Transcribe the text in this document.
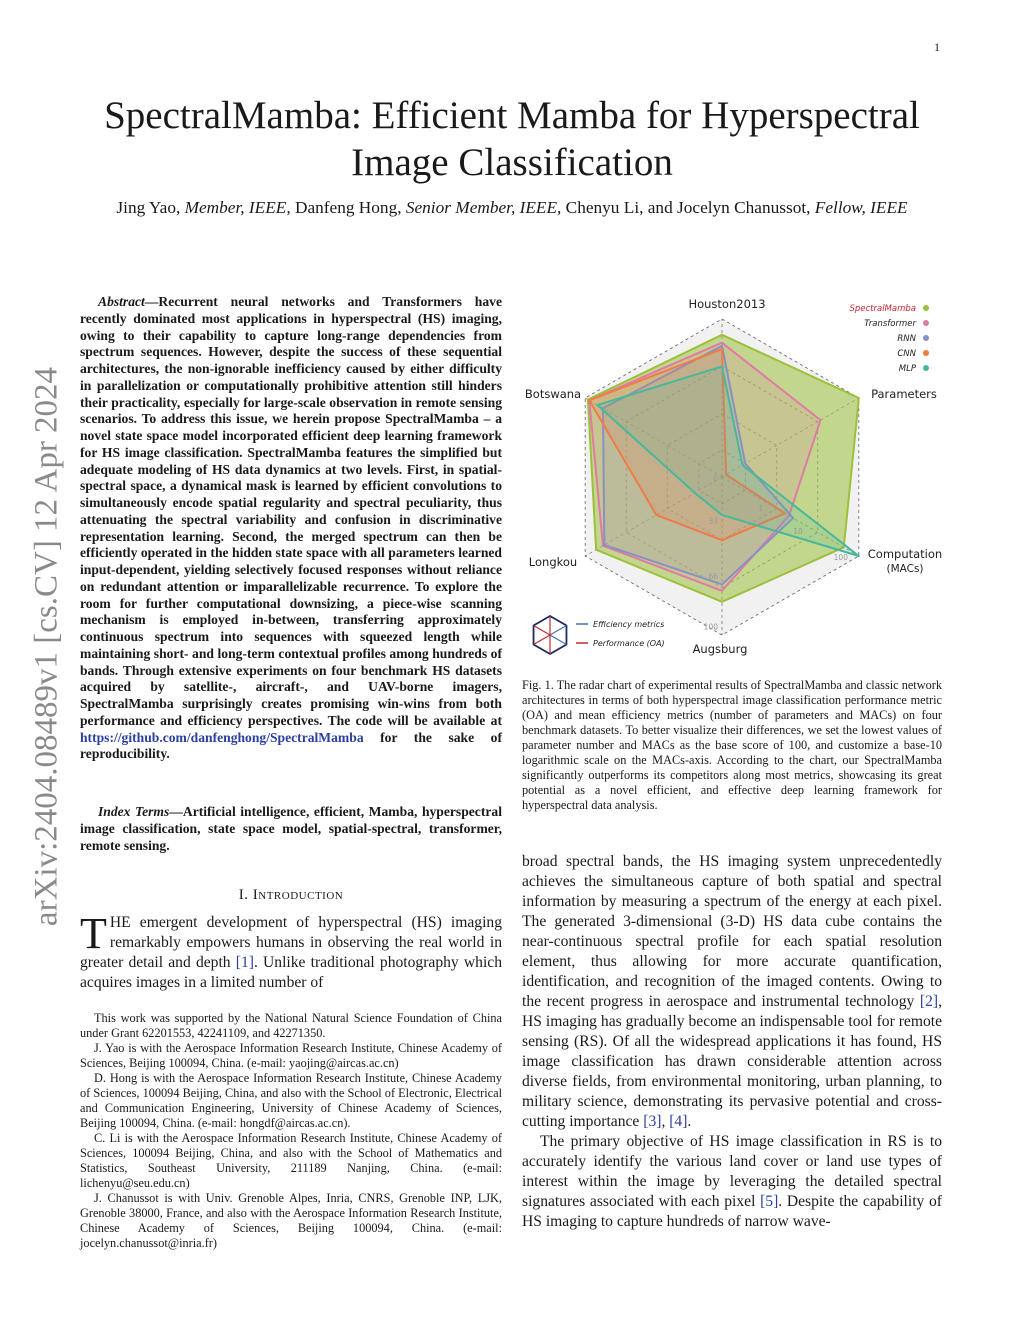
1
arXiv:2404.08489v1 [cs.CV] 12 Apr 2024
SpectralMamba: Efficient Mamba for Hyperspectral
Image Classification
Jing Yao, Member, IEEE, Danfeng Hong, Senior Member, IEEE, Chenyu Li, and Jocelyn Chanussot, Fellow, IEEE
Abstract—Recurrent neural networks and Transformers have recently dominated most applications in hyperspectral (HS) imaging, owing to their capability to capture long-range dependencies from spectrum sequences. However, despite the success of these sequential architectures, the non-ignorable inefficiency caused by either difficulty in parallelization or computationally prohibitive attention still hinders their practicality, especially for large-scale observation in remote sensing scenarios. To address this issue, we herein propose SpectralMamba – a novel state space model incorporated efficient deep learning framework for HS image classification. SpectralMamba features the simplified but adequate modeling of HS data dynamics at two levels. First, in spatial-spectral space, a dynamical mask is learned by efficient convolutions to simultaneously encode spatial regularity and spectral peculiarity, thus attenuating the spectral variability and confusion in discriminative representation learning. Second, the merged spectrum can then be efficiently operated in the hidden state space with all parameters learned input-dependent, yielding selectively focused responses without reliance on redundant attention or imparallelizable recurrence. To explore the room for further computational downsizing, a piece-wise scanning mechanism is employed in-between, transferring approximately continuous spectrum into sequences with squeezed length while maintaining short- and long-term contextual profiles among hundreds of bands. Through extensive experiments on four benchmark HS datasets acquired by satellite-, aircraft-, and UAV-borne imagers, SpectralMamba surprisingly creates promising win-wins from both performance and efficiency perspectives. The code will be available at https://github.com/danfenghong/SpectralMamba for the sake of reproducibility.
Index Terms—Artificial intelligence, efficient, Mamba, hyperspectral image classification, state space model, spatial-spectral, transformer, remote sensing.
I. Introduction
THE emergent development of hyperspectral (HS) imaging remarkably empowers humans in observing the real world in greater detail and depth [1]. Unlike traditional photography which acquires images in a limited number of

This work was supported by the National Natural Science Foundation of China under Grant 62201553, 42241109, and 42271350.

J. Yao is with the Aerospace Information Research Institute, Chinese Academy of Sciences, Beijing 100094, China. (e-mail: yaojing@aircas.ac.cn)

D. Hong is with the Aerospace Information Research Institute, Chinese Academy of Sciences, 100094 Beijing, China, and also with the School of Electronic, Electrical and Communication Engineering, University of Chinese Academy of Sciences, Beijing 100094, China. (e-mail: hongdf@aircas.ac.cn).

C. Li is with the Aerospace Information Research Institute, Chinese Academy of Sciences, 100094 Beijing, China, and also with the School of Mathematics and Statistics, Southeast University, 211189 Nanjing, China. (e-mail: lichenyu@seu.edu.cn)

J. Chanussot is with Univ. Grenoble Alpes, Inria, CNRS, Grenoble INP, LJK, Grenoble 38000, France, and also with the Aerospace Information Research Institute, Chinese Academy of Sciences, Beijing 100094, China. (e-mail: jocelyn.chanussot@inria.fr)

Houston2013
Parameters
Computation
Augsburg
Longkou
Botswana
(MACs)
0
33
66
100
1
10
100
SpectralMamba
Transformer
RNN
CNN
MLP
Efficiency metrics
Performance (OA)
Fig. 1. The radar chart of experimental results of SpectralMamba and classic network architectures in terms of both hyperspectral image classification performance metric (OA) and mean efficiency metrics (number of parameters and MACs) on four benchmark datasets. To better visualize their differences, we set the lowest values of parameter number and MACs as the base score of 100, and customize a base-10 logarithmic scale on the MACs-axis. According to the chart, our SpectralMamba significantly outperforms its competitors along most metrics, showcasing its great potential as a novel efficient, and effective deep learning framework for hyperspectral data analysis.

broad spectral bands, the HS imaging system unprecedentedly achieves the simultaneous capture of both spatial and spectral information by measuring a spectrum of the energy at each pixel. The generated 3-dimensional (3-D) HS data cube contains the near-continuous spectral profile for each spatial resolution element, thus allowing for more accurate quantification, identification, and recognition of the imaged contents. Owing to the recent progress in aerospace and instrumental technology [2], HS imaging has gradually become an indispensable tool for remote sensing (RS). Of all the widespread applications it has found, HS image classification has drawn considerable attention across diverse fields, from environmental monitoring, urban planning, to military science, demonstrating its pervasive potential and cross-cutting importance [3], [4].

The primary objective of HS image classification in RS is to accurately identify the various land cover or land use types of interest within the image by leveraging the detailed spectral signatures associated with each pixel [5]. Despite the capability of HS imaging to capture hundreds of narrow wave-
